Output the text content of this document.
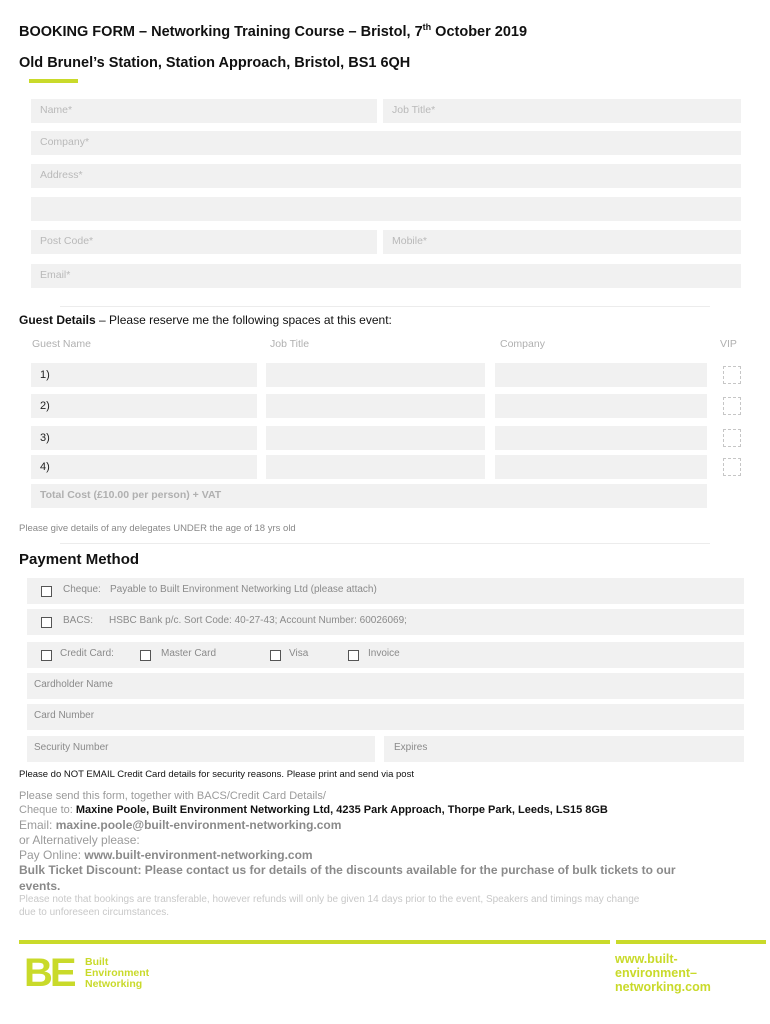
BOOKING FORM – Networking Training Course – Bristol, 7th October 2019
Old Brunel’s Station, Station Approach, Bristol, BS1 6QH
Name*	Job Title*
Company*
Address*
Post Code*	Mobile*
Email*
Guest Details – Please reserve me the following spaces at this event:
Guest Name	Job Title	Company	VIP
1)
2)
3)
4)
Total Cost (£10.00 per person) + VAT
Please give details of any delegates UNDER the age of 18 yrs old
Payment Method
Cheque: Payable to Built Environment Networking Ltd (please attach)
BACS: HSBC Bank p/c. Sort Code: 40-27-43; Account Number: 60026069;
Credit Card:	Master Card	Visa	Invoice
Cardholder Name
Card Number
Security Number	Expires
Please do NOT EMAIL Credit Card details for security reasons. Please print and send via post
Please send this form, together with BACS/Credit Card Details/
Cheque to: Maxine Poole, Built Environment Networking Ltd, 4235 Park Approach, Thorpe Park, Leeds, LS15 8GB
Email: maxine.poole@built-environment-networking.com
or Alternatively please:
Pay Online: www.built-environment-networking.com
Bulk Ticket Discount: Please contact us for details of the discounts available for the purchase of bulk tickets to our
events.
Please note that bookings are transferable, however refunds will only be given 14 days prior to the event, Speakers and timings may change
due to unforeseen circumstances.
BE Built
Environment
Networking
www.built-
environment–
networking.com
